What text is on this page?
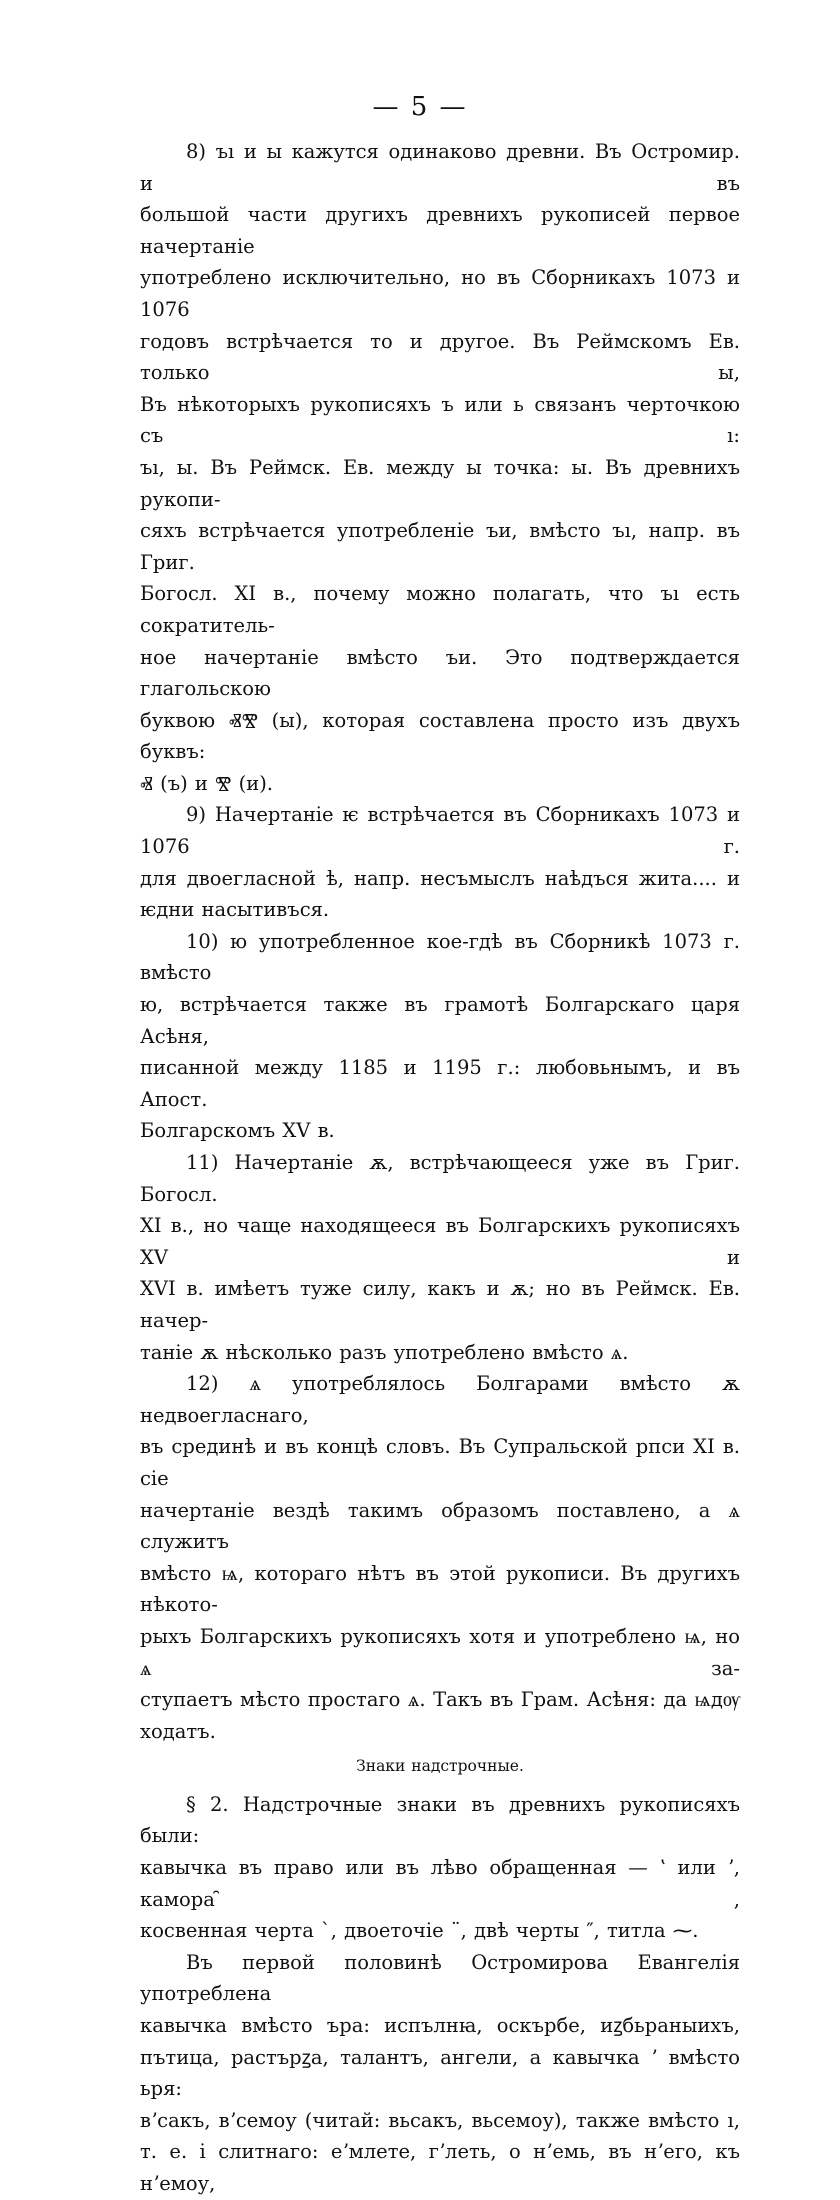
— 5 —

8) ъı и ы кажутся одинаково древни. Въ Остромир. и въ

большой части другихъ древнихъ рукописей первое начертаніе

употреблено исключительно, но въ Сборникахъ 1073 и 1076

годовъ встрѣчается то и другое. Въ Реймскомъ Ев. только ы,

Въ нѣкоторыхъ рукописяхъ ъ или ь связанъ черточкою съ ı:

ъı, ы. Въ Реймск. Ев. между ы точка: ы. Въ древнихъ рукопи-

сяхъ встрѣчается употребленіе ъи, вмѣсто ъı, напр. въ Григ.

Богосл. XI в., почему можно полагать, что ъı есть сократитель-

ное начертаніе вмѣсто ъи. Это подтверждается глагольскою

буквою ⰟⰊ (ы), которая составлена просто изъ двухъ буквъ:

Ⱏ (ъ) и Ⰺ (и).

9) Начертаніе ѥ встрѣчается въ Сборникахъ 1073 и 1076 г.

для двоегласной ѣ, напр. несъмыслъ наѣдъся жита.... и

ѥдни насытивъся.

10) ю употребленное кое-гдѣ въ Сборникѣ 1073 г. вмѣсто

ю, встрѣчается также въ грамотѣ Болгарскаго царя Асѣня,

писанной между 1185 и 1195 г.: любовьнымъ, и въ Апост.

Болгарскомъ XV в.

11) Начертаніе ѫ, встрѣчающееся уже въ Григ. Богосл.

XI в., но чаще находящееся въ Болгарскихъ рукописяхъ XV и

XVI в. имѣетъ туже силу, какъ и ѫ; но въ Реймск. Ев. начер-

таніе ѫ нѣсколько разъ употреблено вмѣсто ѧ.

12) ѧ употреблялось Болгарами вмѣсто ѫ недвоегласнаго,

въ срединѣ и въ концѣ словъ. Въ Супральской рпси XI в. сіе

начертаніе вездѣ такимъ образомъ поставлено, а ѧ служитъ

вмѣсто ѩ, котораго нѣтъ въ этой рукописи. Въ другихъ нѣкото-

рыхъ Болгарскихъ рукописяхъ хотя и употреблено ѩ, но ѧ за-

ступаетъ мѣсто простаго ѧ. Такъ въ Грам. Асѣня: да ѩдѹ ходатъ.

Знаки надстрочные.

§ 2. Надстрочные знаки въ древнихъ рукописяхъ были:

кавычка въ право или въ лѣво обращенная — ʽ или ʼ, камора ̑,

косвенная черта ˋ, двоеточіе ¨, двѣ черты ″, титла ⁓.

Въ первой половинѣ Остромирова Евангелія употреблена

кавычка вмѣсто ъра: испълнꙗ, оскърбе, иꙁбьраныихъ,

пътица, растърꙁа, талантъ, ангели, а кавычка ʼ вмѣсто ьря:

вʼсакъ, вʼсемоу (читай: вьсакъ, вьсемоу), также вмѣсто ı,

т. е. і слитнаго: еʼмлете, гʼлеть, о нʼемь, въ нʼего, къ нʼемоу,
